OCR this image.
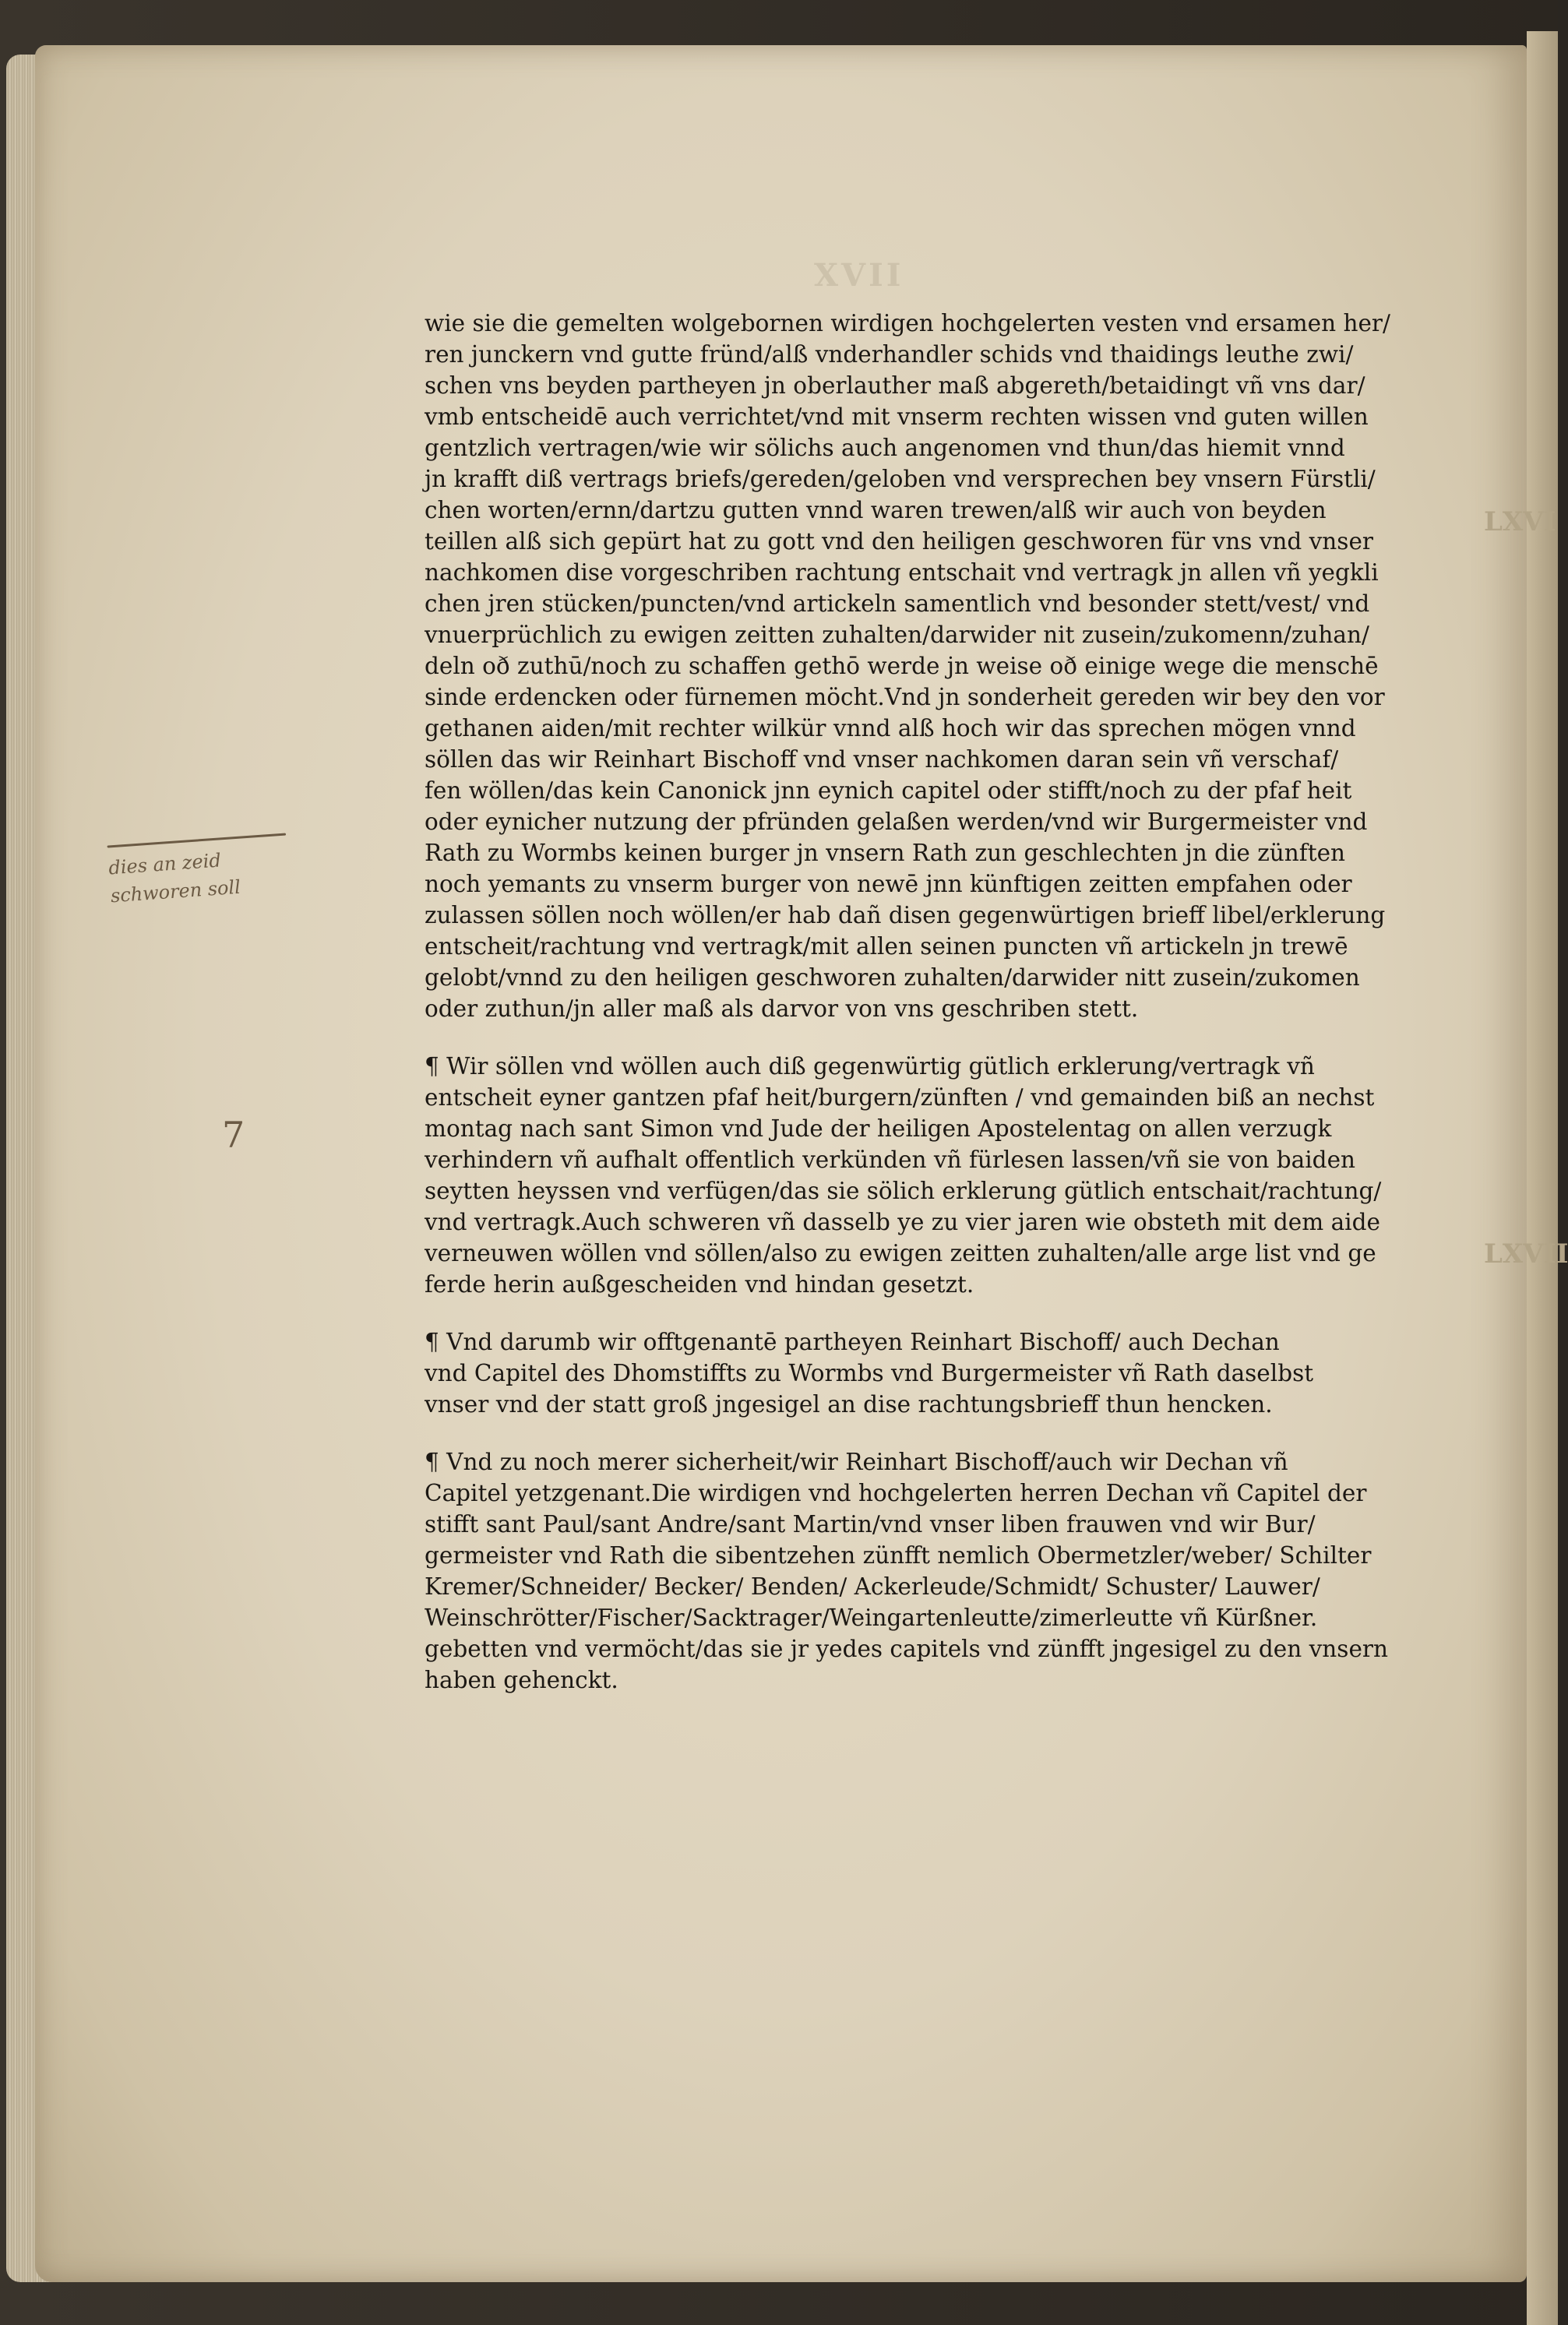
XVII
LXVI
LXVII

wie sie die gemelten wolgebornen wirdigen hochgelerten vesten vnd ersamen her/
ren junckern vnd gutte fründ/alß vnderhandler schids vnd thaidings leuthe zwi/
schen vns beyden partheyen jn oberlauther maß abgereth/betaidingt vñ vns dar/
vmb entscheidē auch verrichtet/vnd mit vnserm rechten wissen vnd guten willen
gentzlich vertragen/wie wir sölichs auch angenomen vnd thun/das hiemit vnnd
jn krafft diß vertrags briefs/gereden/geloben vnd versprechen bey vnsern Fürstli/
chen worten/ernn/dartzu gutten vnnd waren trewen/alß wir auch von beyden
teillen alß sich gepürt hat zu gott vnd den heiligen geschworen für vns vnd vnser
nachkomen dise vorgeschriben rachtung entschait vnd vertragk jn allen vñ yegkli
chen jren stücken/puncten/vnd artickeln samentlich vnd besonder stett/vest/ vnd
vnuerprüchlich zu ewigen zeitten zuhalten/darwider nit zusein/zukomenn/zuhan/
deln oð zuthū/noch zu schaffen gethō werde jn weise oð einige wege die menschē
sinde erdencken oder fürnemen möcht.Vnd jn sonderheit gereden wir bey den vor
gethanen aiden/mit rechter wilkür vnnd alß hoch wir das sprechen mögen vnnd
söllen das wir Reinhart Bischoff vnd vnser nachkomen daran sein vñ verschaf/
fen wöllen/das kein Canonick jnn eynich capitel oder stifft/noch zu der pfaf heit
oder eynicher nutzung der pfründen gelaßen werden/vnd wir Burgermeister vnd
Rath zu Wormbs keinen burger jn vnsern Rath zun geschlechten jn die zünften
noch yemants zu vnserm burger von newē jnn künftigen zeitten empfahen oder
zulassen söllen noch wöllen/er hab dañ disen gegenwürtigen brieff libel/erklerung
entscheit/rachtung vnd vertragk/mit allen seinen puncten vñ artickeln jn trewē
gelobt/vnnd zu den heiligen geschworen zuhalten/darwider nitt zusein/zukomen
oder zuthun/jn aller maß als darvor von vns geschriben stett.

¶ Wir söllen vnd wöllen auch diß gegenwürtig gütlich erklerung/vertragk vñ
entscheit eyner gantzen pfaf heit/burgern/zünften / vnd gemainden biß an nechst
montag nach sant Simon vnd Jude der heiligen Apostelentag on allen verzugk
verhindern vñ aufhalt offentlich verkünden vñ fürlesen lassen/vñ sie von baiden
seytten heyssen vnd verfügen/das sie sölich erklerung gütlich entschait/rachtung/
vnd vertragk.Auch schweren vñ dasselb ye zu vier jaren wie obsteth mit dem aide
verneuwen wöllen vnd söllen/also zu ewigen zeitten zuhalten/alle arge list vnd ge
ferde herin außgescheiden vnd hindan gesetzt.

¶ Vnd darumb wir offtgenantē partheyen Reinhart Bischoff/ auch Dechan
vnd Capitel des Dhomstiffts zu Wormbs vnd Burgermeister vñ Rath daselbst
vnser vnd der statt groß jngesigel an dise rachtungsbrieff thun hencken.

¶ Vnd zu noch merer sicherheit/wir Reinhart Bischoff/auch wir Dechan vñ
Capitel yetzgenant.Die wirdigen vnd hochgelerten herren Dechan vñ Capitel der
stifft sant Paul/sant Andre/sant Martin/vnd vnser liben frauwen vnd wir Bur/
germeister vnd Rath die sibentzehen zünfft nemlich Obermetzler/weber/ Schilter
Kremer/Schneider/ Becker/ Benden/ Ackerleude/Schmidt/ Schuster/ Lauwer/
Weinschrötter/Fischer/Sacktrager/Weingartenleutte/zimerleutte vñ Kürßner.
gebetten vnd vermöcht/das sie jr yedes capitels vnd zünfft jngesigel zu den vnsern
haben gehenckt.

dies an zeid
schworen soll
7
